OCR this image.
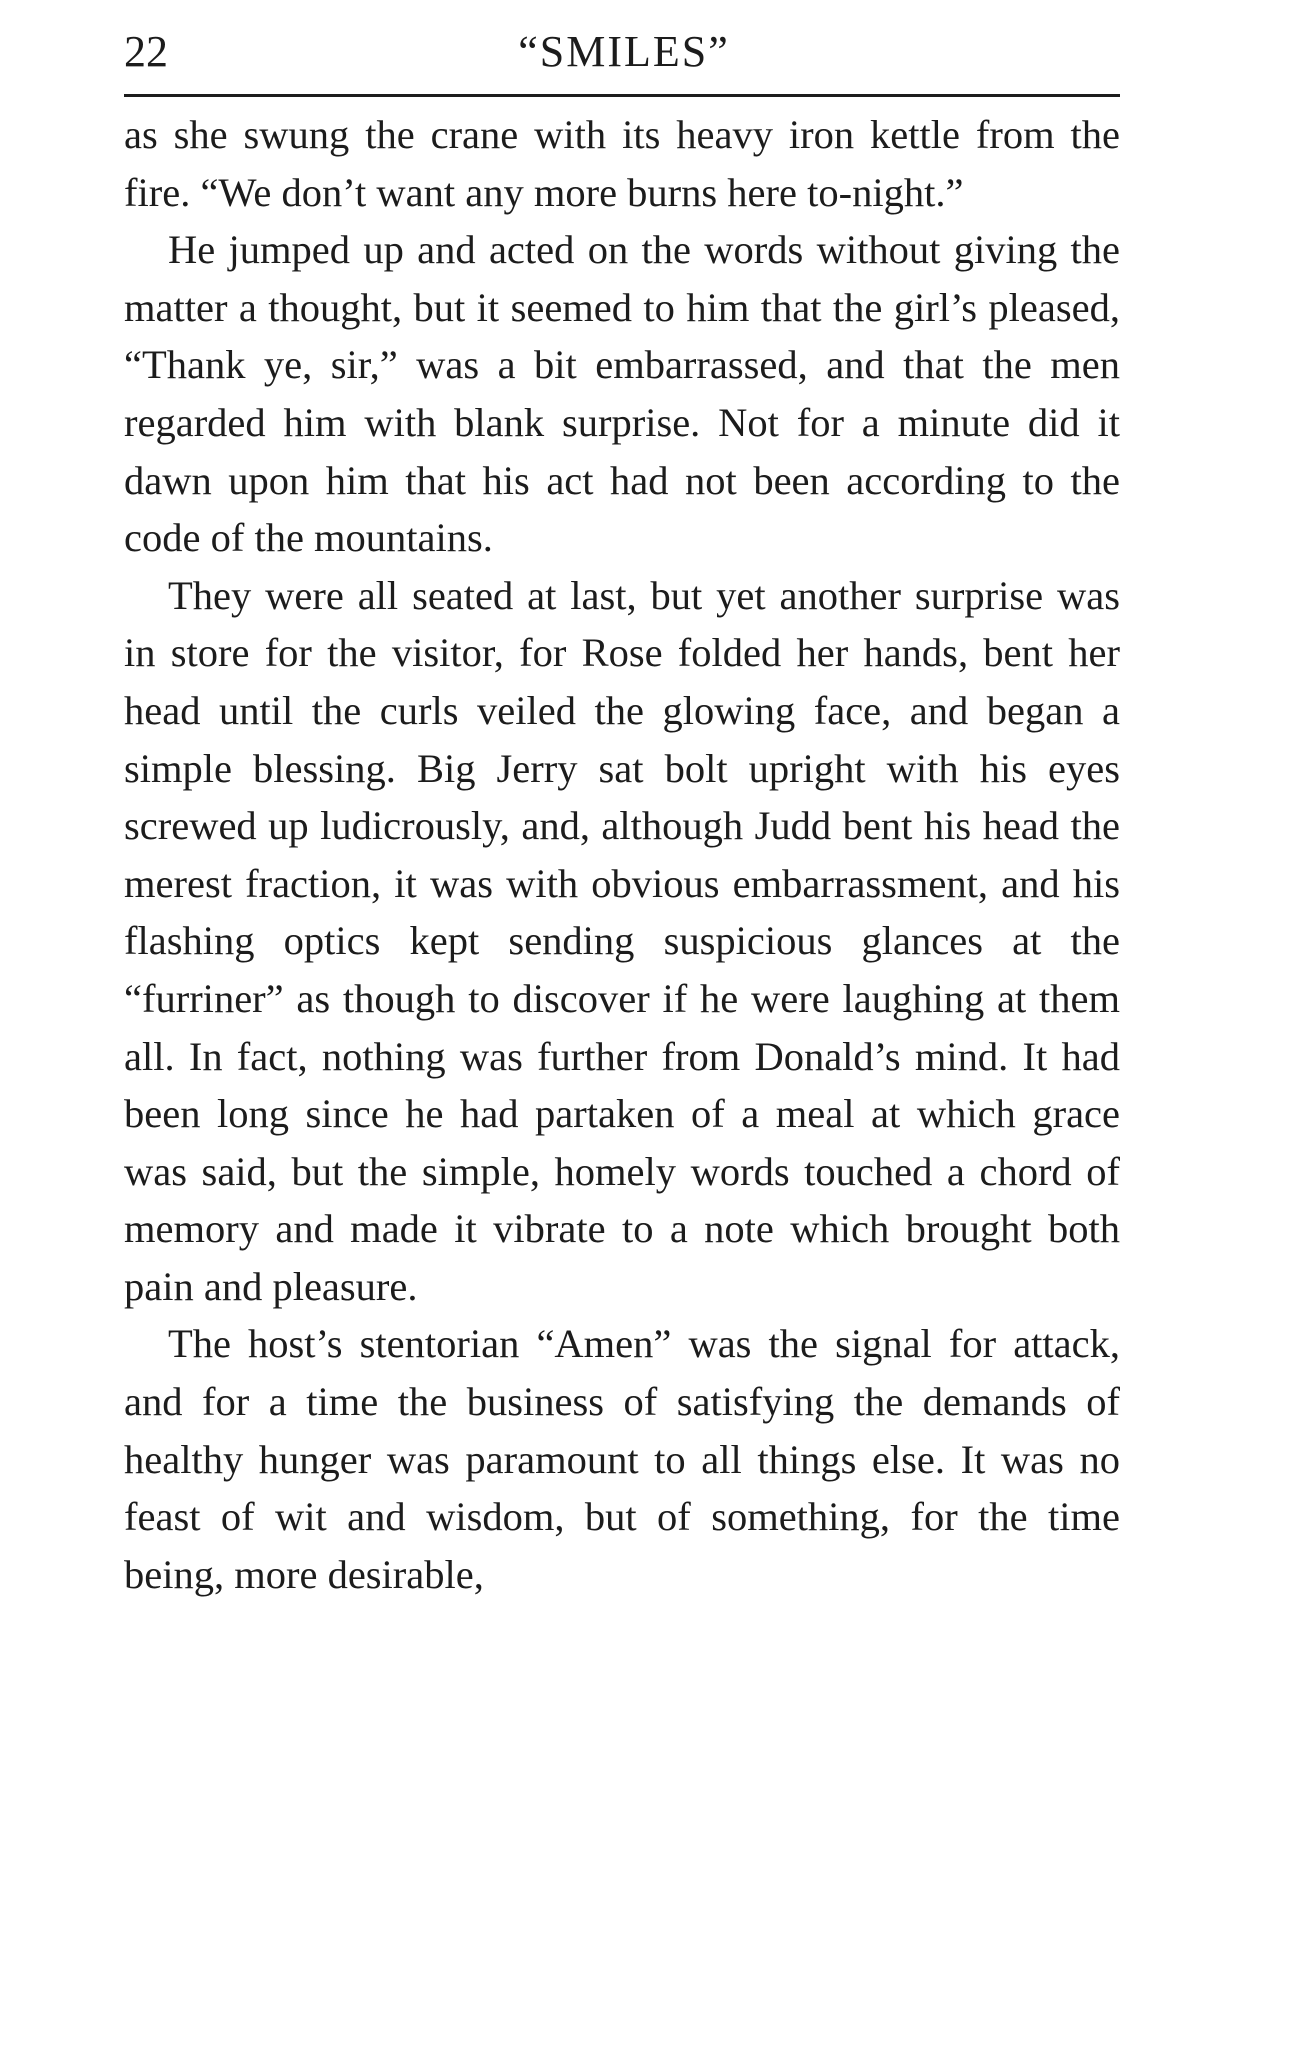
22	“SMILES”

as she swung the crane with its heavy iron kettle from the fire. “We don’t want any more burns here to-night.”

He jumped up and acted on the words without giving the matter a thought, but it seemed to him that the girl’s pleased, “Thank ye, sir,” was a bit embarrassed, and that the men regarded him with blank surprise. Not for a minute did it dawn upon him that his act had not been according to the code of the mountains.

They were all seated at last, but yet another surprise was in store for the visitor, for Rose folded her hands, bent her head until the curls veiled the glowing face, and began a simple blessing. Big Jerry sat bolt upright with his eyes screwed up ludicrously, and, although Judd bent his head the merest fraction, it was with obvious embarrassment, and his flashing optics kept sending suspicious glances at the “furriner” as though to discover if he were laughing at them all. In fact, nothing was further from Donald’s mind. It had been long since he had partaken of a meal at which grace was said, but the simple, homely words touched a chord of memory and made it vibrate to a note which brought both pain and pleasure.

The host’s stentorian “Amen” was the signal for attack, and for a time the business of satisfying the demands of healthy hunger was paramount to all things else. It was no feast of wit and wisdom, but of something, for the time being, more desirable,
